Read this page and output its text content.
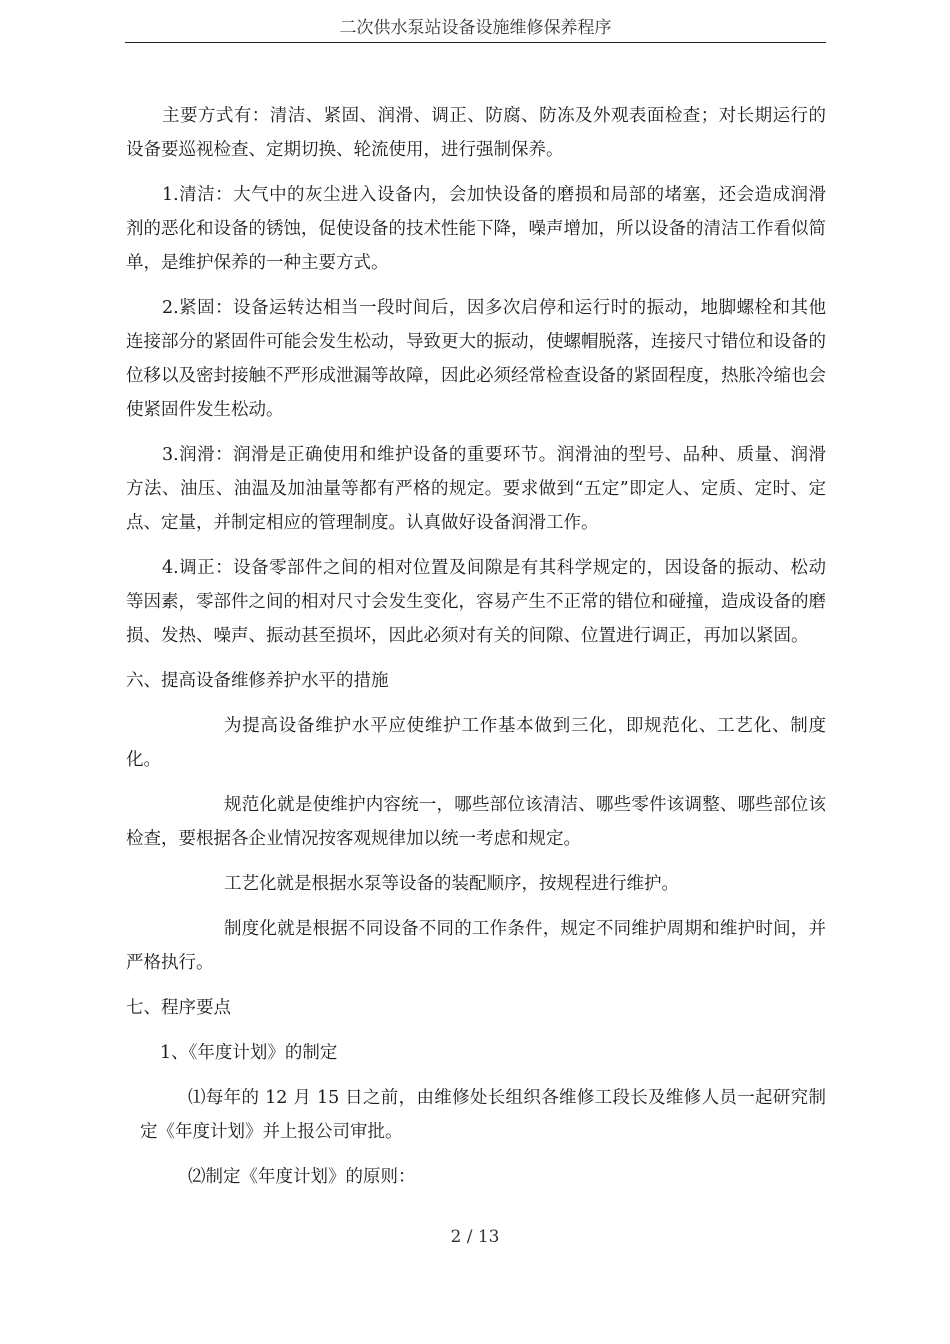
二次供水泵站设备设施维修保养程序

主要方式有：清洁、紧固、润滑、调正、防腐、防冻及外观表面检查；对长期运行的设备要巡视检查、定期切换、轮流使用，进行强制保养。

1.清洁：大气中的灰尘进入设备内，会加快设备的磨损和局部的堵塞，还会造成润滑剂的恶化和设备的锈蚀，促使设备的技术性能下降，噪声增加，所以设备的清洁工作看似简单，是维护保养的一种主要方式。

2.紧固：设备运转达相当一段时间后，因多次启停和运行时的振动，地脚螺栓和其他连接部分的紧固件可能会发生松动，导致更大的振动，使螺帽脱落，连接尺寸错位和设备的位移以及密封接触不严形成泄漏等故障，因此必须经常检查设备的紧固程度，热胀冷缩也会使紧固件发生松动。

3.润滑：润滑是正确使用和维护设备的重要环节。润滑油的型号、品种、质量、润滑方法、油压、油温及加油量等都有严格的规定。要求做到“五定”即定人、定质、定时、定点、定量，并制定相应的管理制度。认真做好设备润滑工作。

4.调正：设备零部件之间的相对位置及间隙是有其科学规定的，因设备的振动、松动等因素，零部件之间的相对尺寸会发生变化，容易产生不正常的错位和碰撞，造成设备的磨损、发热、噪声、振动甚至损坏，因此必须对有关的间隙、位置进行调正，再加以紧固。

六、提高设备维修养护水平的措施

为提高设备维护水平应使维护工作基本做到三化，即规范化、工艺化、制度化。

规范化就是使维护内容统一，哪些部位该清洁、哪些零件该调整、哪些部位该检查，要根据各企业情况按客观规律加以统一考虑和规定。

工艺化就是根据水泵等设备的装配顺序，按规程进行维护。

制度化就是根据不同设备不同的工作条件，规定不同维护周期和维护时间，并严格执行。

七、程序要点

1、《年度计划》的制定

⑴每年的 12 月 15 日之前，由维修处长组织各维修工段长及维修人员一起研究制定《年度计划》并上报公司审批。

⑵制定《年度计划》的原则：

2 / 13
